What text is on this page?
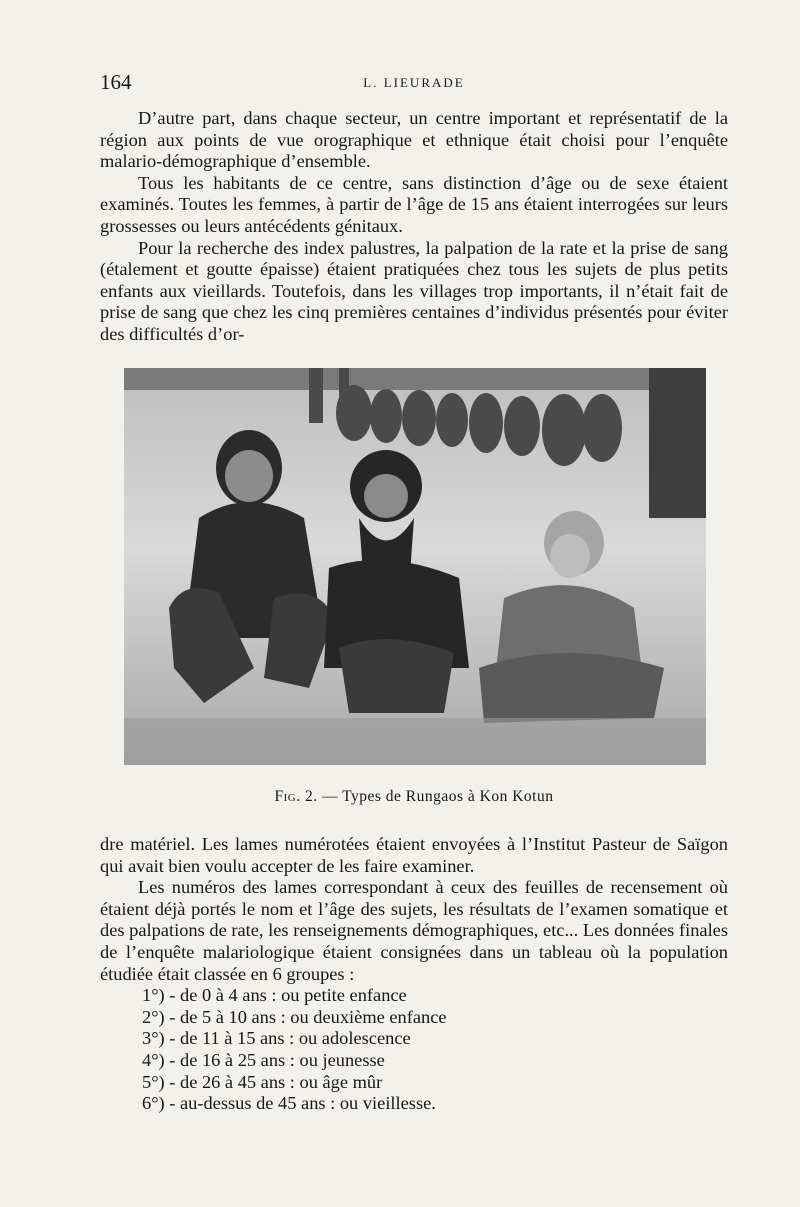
164	L. LIEURADE

D’autre part, dans chaque secteur, un centre important et représentatif de la région aux points de vue orographique et ethnique était choisi pour l’enquête malario-démographique d’ensemble.

Tous les habitants de ce centre, sans distinction d’âge ou de sexe étaient examinés. Toutes les femmes, à partir de l’âge de 15 ans étaient interrogées sur leurs grossesses ou leurs antécédents génitaux.

Pour la recherche des index palustres, la palpation de la rate et la prise de sang (étalement et goutte épaisse) étaient pratiquées chez tous les sujets de plus petits enfants aux vieillards. Toutefois, dans les villages trop importants, il n’était fait de prise de sang que chez les cinq premières centaines d’individus présentés pour éviter des difficultés d’or-

Fig. 2. — Types de Rungaos à Kon Kotun

dre matériel. Les lames numérotées étaient envoyées à l’Institut Pasteur de Saïgon qui avait bien voulu accepter de les faire examiner.

Les numéros des lames correspondant à ceux des feuilles de recensement où étaient déjà portés le nom et l’âge des sujets, les résultats de l’examen somatique et des palpations de rate, les renseignements démographiques, etc... Les données finales de l’enquête malariologique étaient consignées dans un tableau où la population étudiée était classée en 6 groupes :

1°) - de 0 à 4 ans : ou petite enfance
2°) - de 5 à 10 ans : ou deuxième enfance
3°) - de 11 à 15 ans : ou adolescence
4°) - de 16 à 25 ans : ou jeunesse
5°) - de 26 à 45 ans : ou âge mûr
6°) - au-dessus de 45 ans : ou vieillesse.
